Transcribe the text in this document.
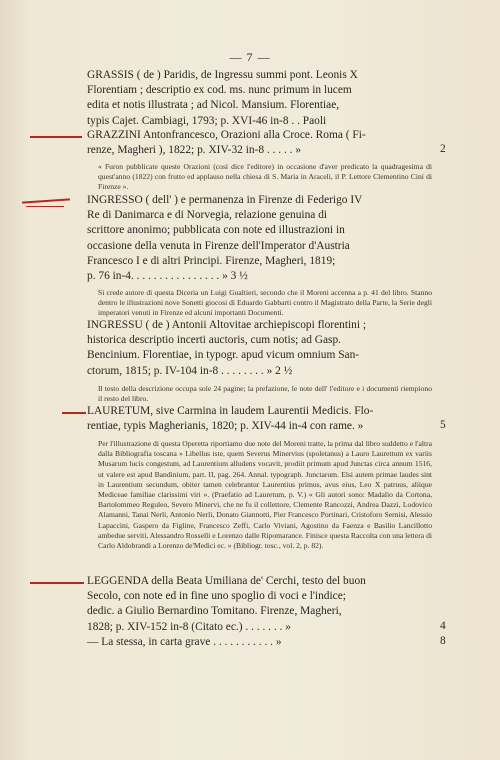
— 7 —
GRASSIS ( de ) Paridis, de Ingressu summi pont. Leonis X
Florentiam ; descriptio ex cod. ms. nunc primum in lucem
edita et notis illustrata ; ad Nicol. Mansium. Florentiae,
typis Cajet. Cambiagi, 1793; p. XVI-46 in-8 . . Paoli
GRAZZINI Antonfrancesco, Orazioni alla Croce. Roma ( Fi-
renze, Magheri ), 1822; p. XIV-32 in-8 . . . . . »	2
« Furon pubblicate queste Orazioni (così dice l'editore) in occasione d'aver predicato la quadragesima di quest'anno (1822) con frutto ed applauso nella chiesa di S. Maria in Araceli, il P. Lettore Clementino Cini di Firenze ».
INGRESSO ( dell' ) e permanenza in Firenze di Federigo IV
Re di Danimarca e di Norvegia, relazione genuina di
scrittore anonimo; pubblicata con note ed illustrazioni in
occasione della venuta in Firenze dell'Imperator d'Austria
Francesco I e di altri Principi. Firenze, Magheri, 1819;
p. 76 in-4. . . . . . . . . . . . . . . . » 3 ½
Si crede autore di questa Diceria un Luigi Gualtieri, secondo che il Moreni accenna a p. 41 del libro. Stanno dentro le illustrazioni nove Sonetti giocosi di Eduardo Gabbarti contro il Magistrato della Parte, la Serie degli imperatori venuti in Firenze ed alcuni importanti Documenti.
INGRESSU ( de ) Antonii Altovitae archiepiscopi florentini ;
historica descriptio incerti auctoris, cum notis; ad Gasp.
Bencinium. Florentiae, in typogr. apud vicum omnium San-
ctorum, 1815; p. IV-104 in-8 . . . . . . . . » 2 ½
Il testo della descrizione occupa sole 24 pagine; la prefazione, le note dell' l'editore e i documenti riempiono il resto del libro.
LAURETUM, sive Carmina in laudem Laurentii Medicis. Flo-
rentiae, typis Magherianis, 1820; p. XIV-44 in-4 con rame. »	5
Per l'illustrazione di questa Operetta riportiamo due note del Moreni tratte, la prima dal libro suddetto e l'altra dalla Bibliografia toscana » Libellus iste, quem Severus Minervius (spoletanus) a Lauro Laurettum ex variis Musarum lucis congestum, ad Laurentium alludens vocavit, prodiit primum apud Junctas circa annum 1516, ut valere est apud Bandinium, part. II, pag. 264. Annal. typograph. Junctarum. Elsi autem primae laudes sint in Laurentium secundum, obiter tamen celebrantur Laurentius primus, avus eius, Leo X patruus, aliique Mediceae familiae clarissimi viri ». (Praefatio ad Lauretum, p. V.) « Gli autori sono: Madalio da Cortona, Bartolommeo Reguleo, Severo Minervi, che ne fu il collettore, Clemente Rancozzi, Andrea Dazzi, Lodovico Alamanni, Tanai Nerli, Antonio Nerli, Donato Giannotti, Pier Francesco Portinari, Cristoforo Sernisi, Alessio Lapaccini, Gaspero da Figline, Francesco Zeffi, Carlo Viviani, Agostino da Faenza e Basilio Lancillotto ambedue serviti, Alessandro Rosselli e Lorenzo dalle Ripomarance. Finisce questa Raccolta con una lettera di Carlo Aldobrandi a Lorenzo de'Medici ec. » (Bibliogr. tosc., vol. 2, p. 82).
LEGGENDA della Beata Umiliana de' Cerchi, testo del buon
Secolo, con note ed in fine uno spoglio di voci e l'indice;
dedic. a Giulio Bernardino Tomitano. Firenze, Magheri,
1828; p. XIV-152 in-8 (Citato ec.) . . . . . . . »	4
— La stessa, in carta grave . . . . . . . . . . . »	8
